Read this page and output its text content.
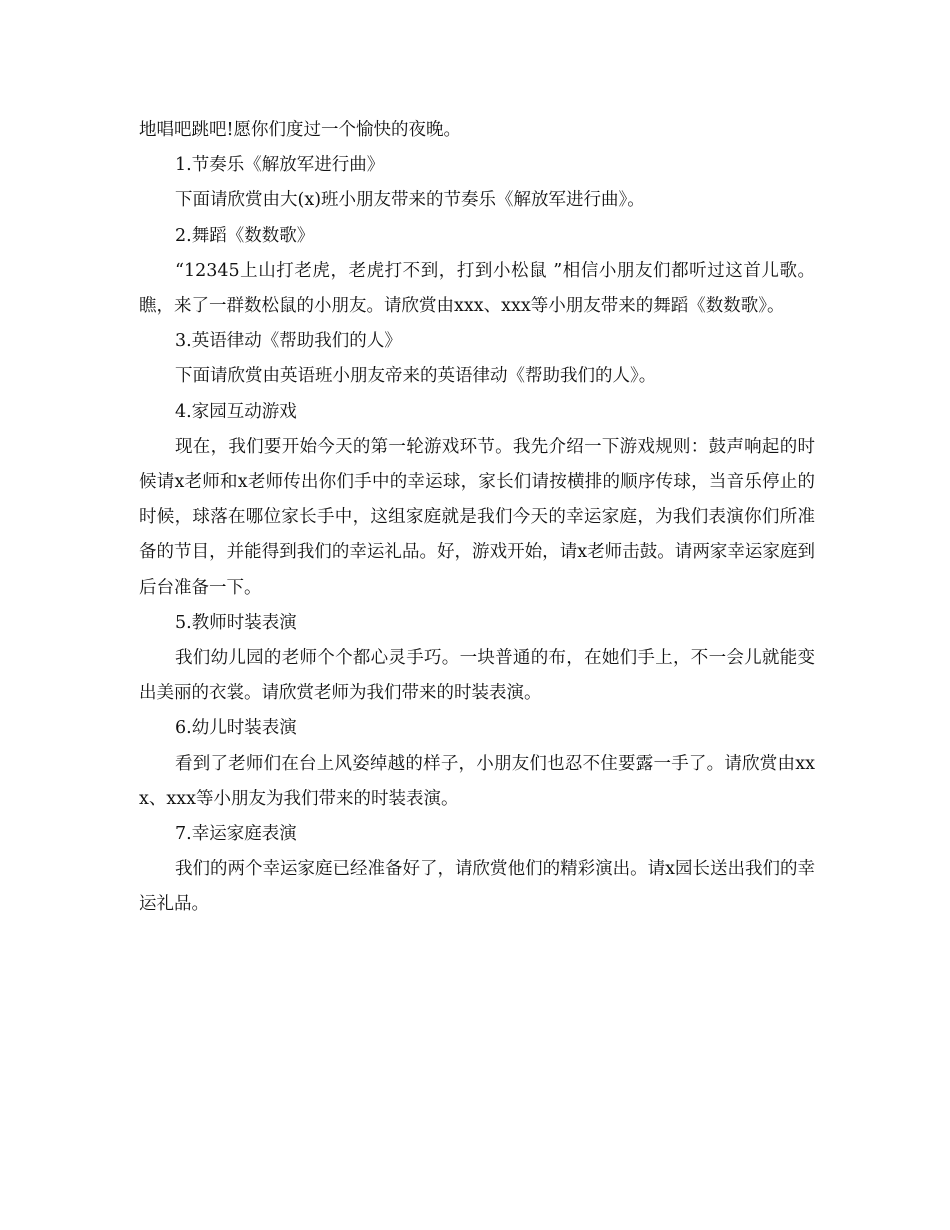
地唱吧跳吧!愿你们度过一个愉快的夜晚。

1.节奏乐《解放军进行曲》

下面请欣赏由大(x)班小朋友带来的节奏乐《解放军进行曲》。

2.舞蹈《数数歌》

“12345上山打老虎，老虎打不到，打到小松鼠 ”相信小朋友们都听过这首儿歌。瞧，来了一群数松鼠的小朋友。请欣赏由xxx、xxx等小朋友带来的舞蹈《数数歌》。

3.英语律动《帮助我们的人》

下面请欣赏由英语班小朋友帝来的英语律动《帮助我们的人》。

4.家园互动游戏

现在，我们要开始今天的第一轮游戏环节。我先介绍一下游戏规则：鼓声响起的时候请x老师和x老师传出你们手中的幸运球，家长们请按横排的顺序传球，当音乐停止的时候，球落在哪位家长手中，这组家庭就是我们今天的幸运家庭，为我们表演你们所准备的节目，并能得到我们的幸运礼品。好，游戏开始，请x老师击鼓。请两家幸运家庭到后台准备一下。

5.教师时装表演

我们幼儿园的老师个个都心灵手巧。一块普通的布，在她们手上，不一会儿就能变出美丽的衣裳。请欣赏老师为我们带来的时装表演。

6.幼儿时装表演

看到了老师们在台上风姿绰越的样子，小朋友们也忍不住要露一手了。请欣赏由xxx、xxx等小朋友为我们带来的时装表演。

7.幸运家庭表演

我们的两个幸运家庭已经准备好了，请欣赏他们的精彩演出。请x园长送出我们的幸运礼品。
